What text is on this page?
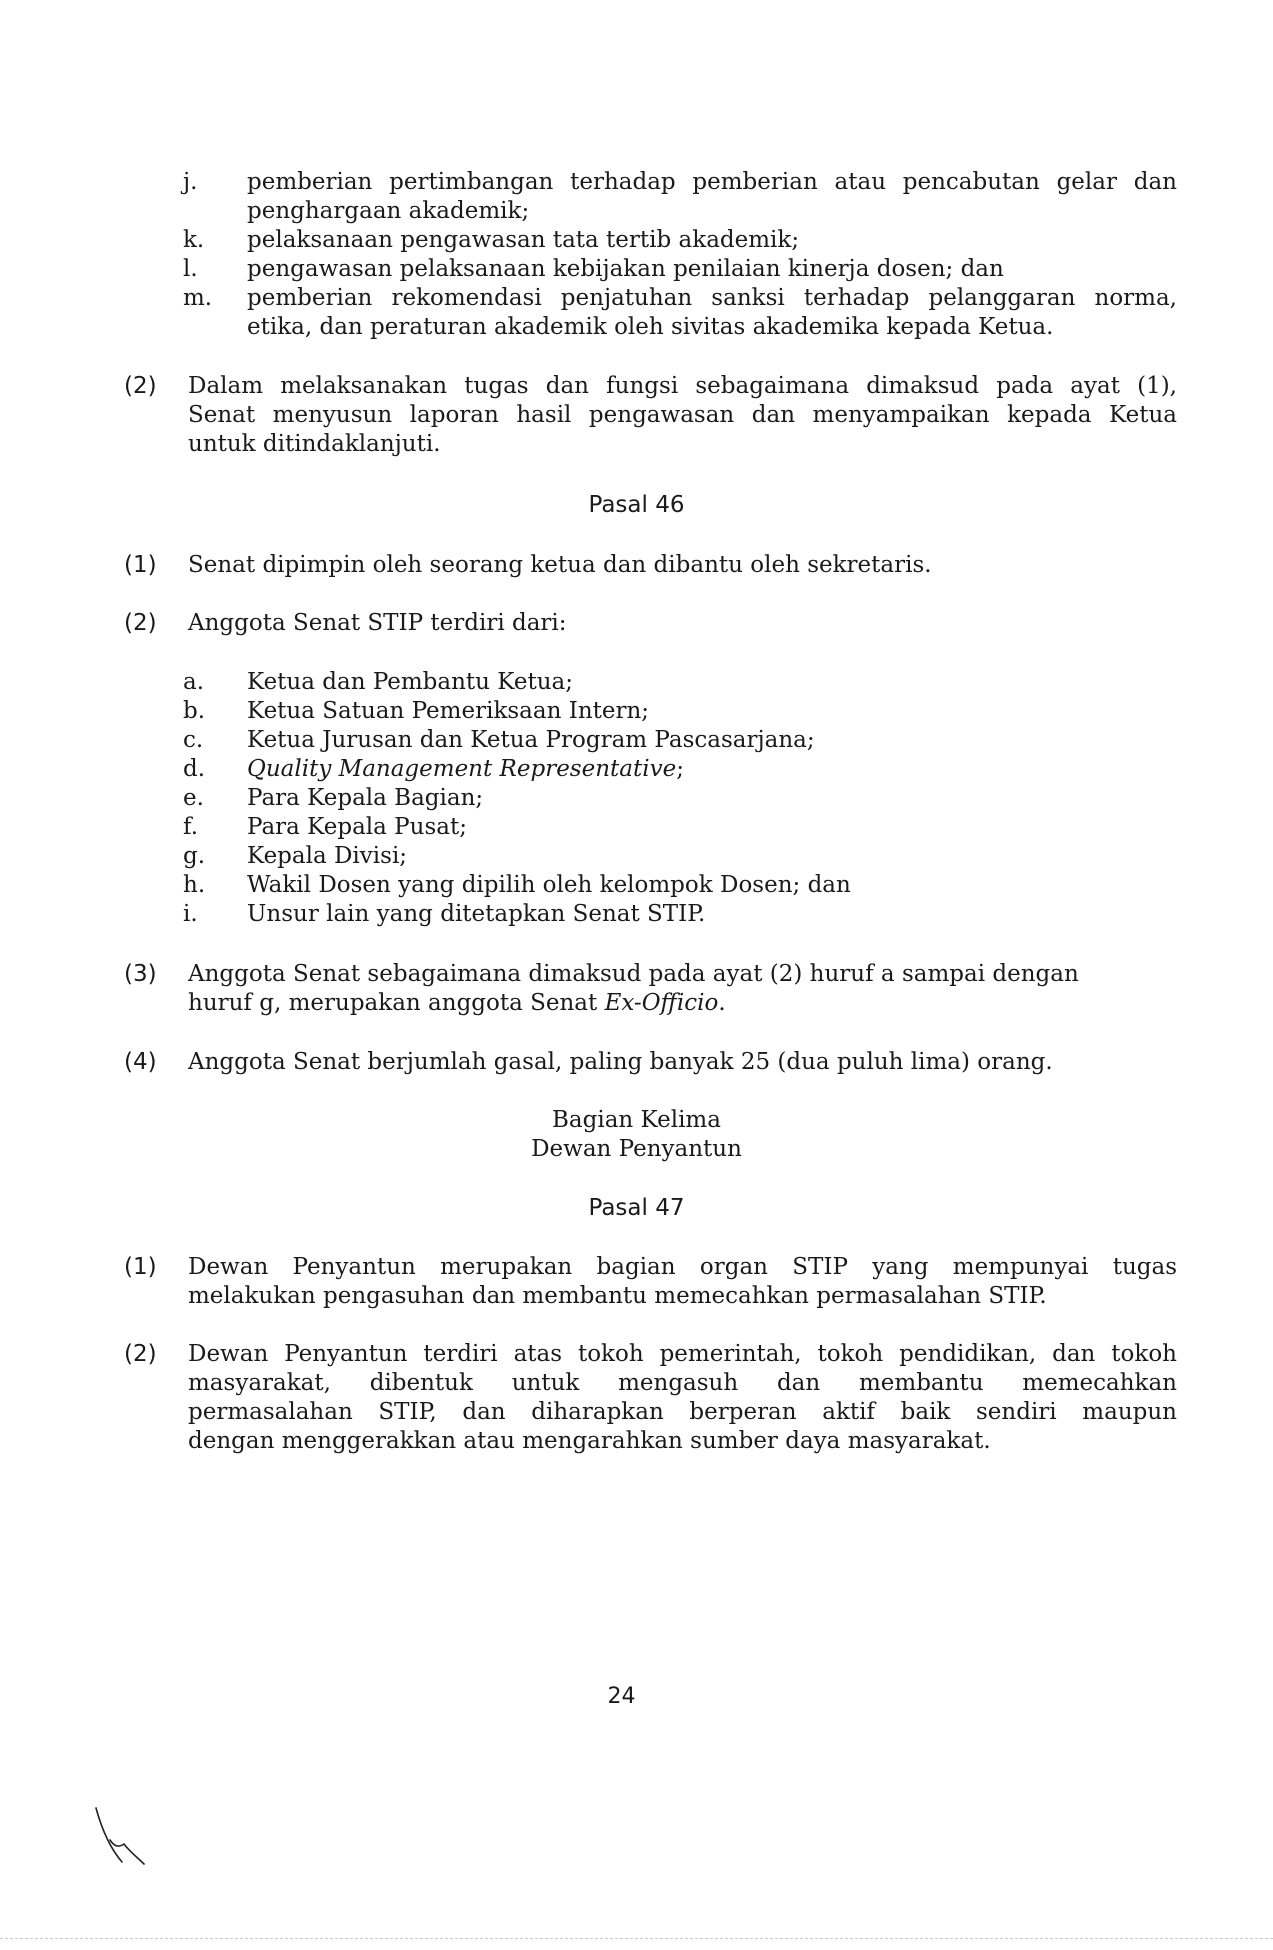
j. pemberian pertimbangan terhadap pemberian atau pencabutan gelar dan
penghargaan akademik;
k. pelaksanaan pengawasan tata tertib akademik;
l. pengawasan pelaksanaan kebijakan penilaian kinerja dosen; dan
m. pemberian rekomendasi penjatuhan sanksi terhadap pelanggaran norma,
etika, dan peraturan akademik oleh sivitas akademika kepada Ketua.
(2) Dalam melaksanakan tugas dan fungsi sebagaimana dimaksud pada ayat (1),
Senat menyusun laporan hasil pengawasan dan menyampaikan kepada Ketua
untuk ditindaklanjuti.
Pasal 46
(1) Senat dipimpin oleh seorang ketua dan dibantu oleh sekretaris.
(2) Anggota Senat STIP terdiri dari:
a. Ketua dan Pembantu Ketua;
b. Ketua Satuan Pemeriksaan Intern;
c. Ketua Jurusan dan Ketua Program Pascasarjana;
d. Quality Management Representative;
e. Para Kepala Bagian;
f. Para Kepala Pusat;
g. Kepala Divisi;
h. Wakil Dosen yang dipilih oleh kelompok Dosen; dan
i. Unsur lain yang ditetapkan Senat STIP.
(3) Anggota Senat sebagaimana dimaksud pada ayat (2) huruf a sampai dengan
huruf g, merupakan anggota Senat Ex-Officio.
(4) Anggota Senat berjumlah gasal, paling banyak 25 (dua puluh lima) orang.
Bagian Kelima
Dewan Penyantun
Pasal 47
(1) Dewan Penyantun merupakan bagian organ STIP yang mempunyai tugas
melakukan pengasuhan dan membantu memecahkan permasalahan STIP.
(2) Dewan Penyantun terdiri atas tokoh pemerintah, tokoh pendidikan, dan tokoh
masyarakat, dibentuk untuk mengasuh dan membantu memecahkan
permasalahan STIP, dan diharapkan berperan aktif baik sendiri maupun
dengan menggerakkan atau mengarahkan sumber daya masyarakat.
24
